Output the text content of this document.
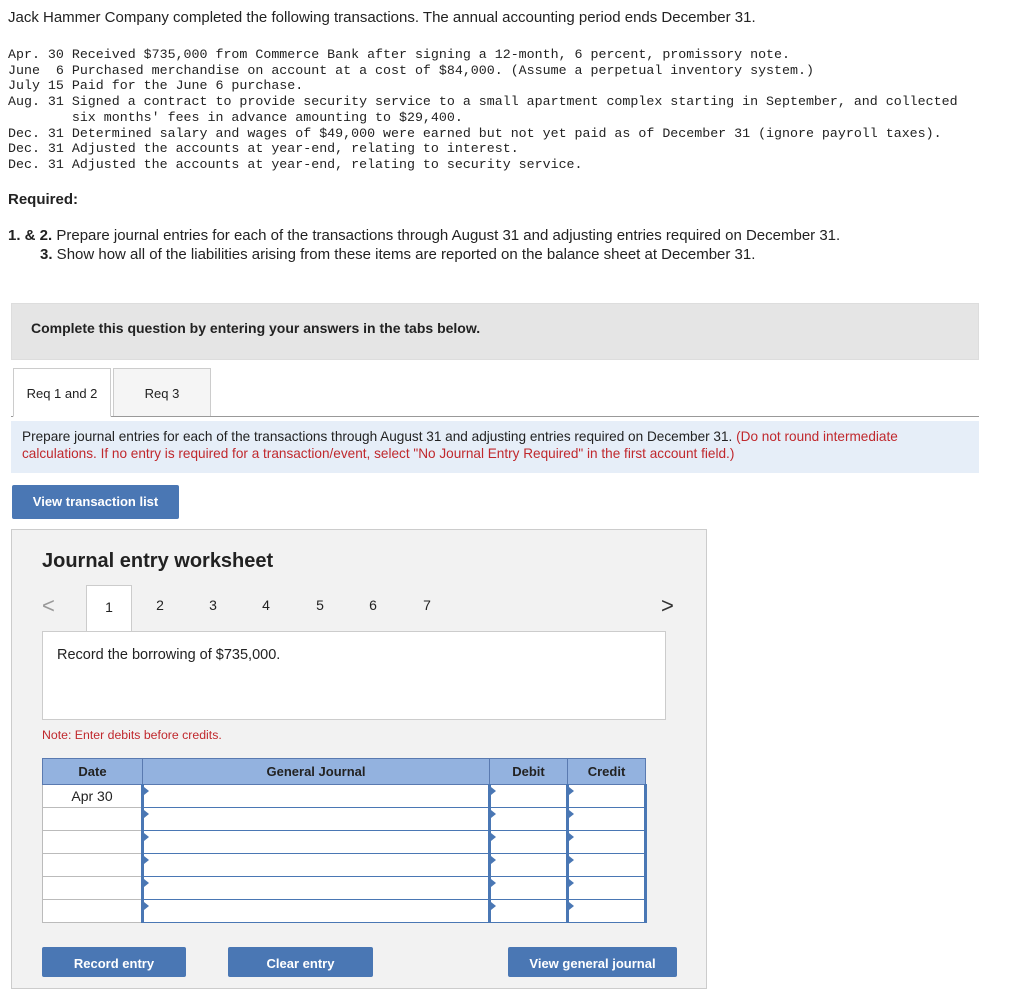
Jack Hammer Company completed the following transactions. The annual accounting period ends December 31.
Apr. 30 Received $735,000 from Commerce Bank after signing a 12-month, 6 percent, promissory note.
June  6 Purchased merchandise on account at a cost of $84,000. (Assume a perpetual inventory system.)
July 15 Paid for the June 6 purchase.
Aug. 31 Signed a contract to provide security service to a small apartment complex starting in September, and collected
six months' fees in advance amounting to $29,400.
Dec. 31 Determined salary and wages of $49,000 were earned but not yet paid as of December 31 (ignore payroll taxes).
Dec. 31 Adjusted the accounts at year-end, relating to interest.
Dec. 31 Adjusted the accounts at year-end, relating to security service.
Required:
1. & 2. Prepare journal entries for each of the transactions through August 31 and adjusting entries required on December 31.
3. Show how all of the liabilities arising from these items are reported on the balance sheet at December 31.
Complete this question by entering your answers in the tabs below.
Req 1 and 2	Req 3
Prepare journal entries for each of the transactions through August 31 and adjusting entries required on December 31. (Do not round intermediate calculations. If no entry is required for a transaction/event, select "No Journal Entry Required" in the first account field.)
View transaction list
Journal entry worksheet
<	1	2	3	4	5	6	7	>
Record the borrowing of $735,000.
Note: Enter debits before credits.
Date	General Journal	Debit	Credit
Apr 30			

Record entry	Clear entry	View general journal
